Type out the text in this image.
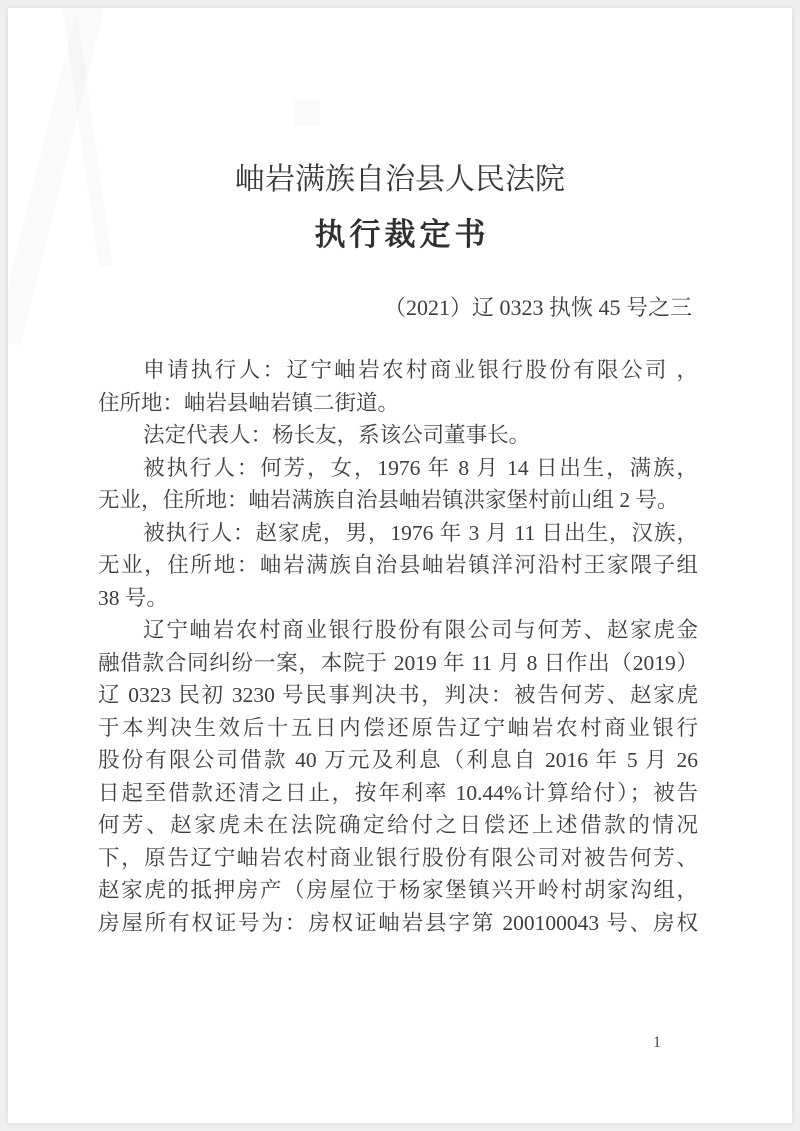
岫岩满族自治县人民法院
执行裁定书
（2021）辽 0323 执恢 45 号之三
申请执行人：辽宁岫岩农村商业银行股份有限公司 ，
住所地：岫岩县岫岩镇二街道。
法定代表人：杨长友，系该公司董事长。
被执行人：何芳，女，1976 年 8 月 14 日出生，满族，
无业，住所地：岫岩满族自治县岫岩镇洪家堡村前山组 2 号。
被执行人：赵家虎，男，1976 年 3 月 11 日出生，汉族，
无业，住所地：岫岩满族自治县岫岩镇洋河沿村王家隈子组
38 号。
辽宁岫岩农村商业银行股份有限公司与何芳、赵家虎金
融借款合同纠纷一案，本院于 2019 年 11 月 8 日作出（2019）
辽 0323 民初 3230 号民事判决书，判决：被告何芳、赵家虎
于本判决生效后十五日内偿还原告辽宁岫岩农村商业银行
股份有限公司借款 40 万元及利息（利息自 2016 年 5 月 26
日起至借款还清之日止，按年利率 10.44%计算给付）；被告
何芳、赵家虎未在法院确定给付之日偿还上述借款的情况
下，原告辽宁岫岩农村商业银行股份有限公司对被告何芳、
赵家虎的抵押房产（房屋位于杨家堡镇兴开岭村胡家沟组，
房屋所有权证号为：房权证岫岩县字第 200100043 号、房权
1
